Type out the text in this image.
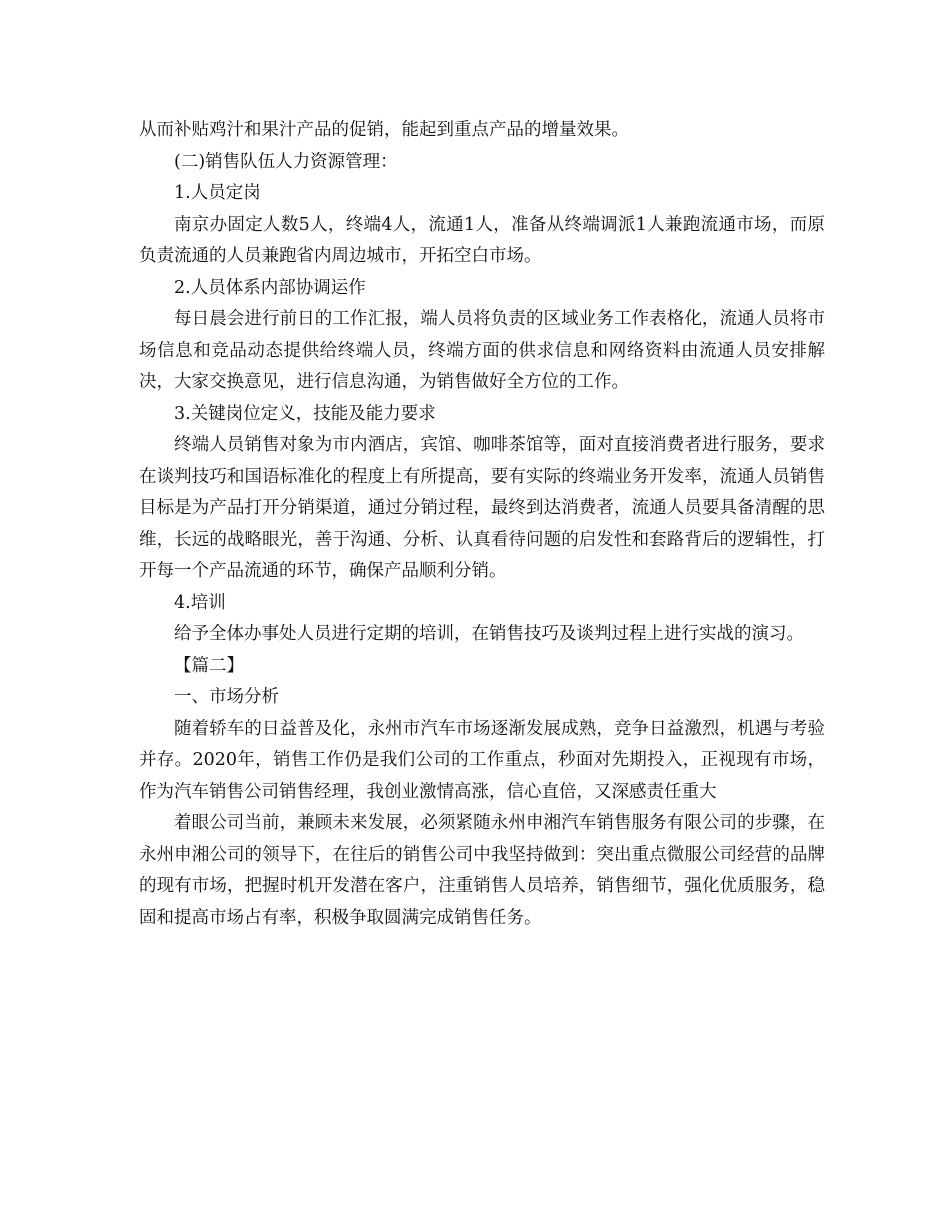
从而补贴鸡汁和果汁产品的促销，能起到重点产品的增量效果。

(二)销售队伍人力资源管理：

1.人员定岗

南京办固定人数5人，终端4人，流通1人，准备从终端调派1人兼跑流通市场，而原负责流通的人员兼跑省内周边城市，开拓空白市场。

2.人员体系内部协调运作

每日晨会进行前日的工作汇报，端人员将负责的区域业务工作表格化，流通人员将市场信息和竞品动态提供给终端人员，终端方面的供求信息和网络资料由流通人员安排解决，大家交换意见，进行信息沟通，为销售做好全方位的工作。

3.关键岗位定义，技能及能力要求

终端人员销售对象为市内酒店，宾馆、咖啡茶馆等，面对直接消费者进行服务，要求在谈判技巧和国语标准化的程度上有所提高，要有实际的终端业务开发率，流通人员销售目标是为产品打开分销渠道，通过分销过程，最终到达消费者，流通人员要具备清醒的思维，长远的战略眼光，善于沟通、分析、认真看待问题的启发性和套路背后的逻辑性，打开每一个产品流通的环节，确保产品顺利分销。

4.培训

给予全体办事处人员进行定期的培训，在销售技巧及谈判过程上进行实战的演习。

【篇二】

一、市场分析

随着轿车的日益普及化，永州市汽车市场逐渐发展成熟，竞争日益激烈，机遇与考验并存。2020年，销售工作仍是我们公司的工作重点，秒面对先期投入，正视现有市场，作为汽车销售公司销售经理，我创业激情高涨，信心直倍，又深感责任重大

着眼公司当前，兼顾未来发展，必须紧随永州申湘汽车销售服务有限公司的步骤，在永州申湘公司的领导下，在往后的销售公司中我坚持做到：突出重点微服公司经营的品牌的现有市场，把握时机开发潜在客户，注重销售人员培养，销售细节，强化优质服务，稳固和提高市场占有率，积极争取圆满完成销售任务。
